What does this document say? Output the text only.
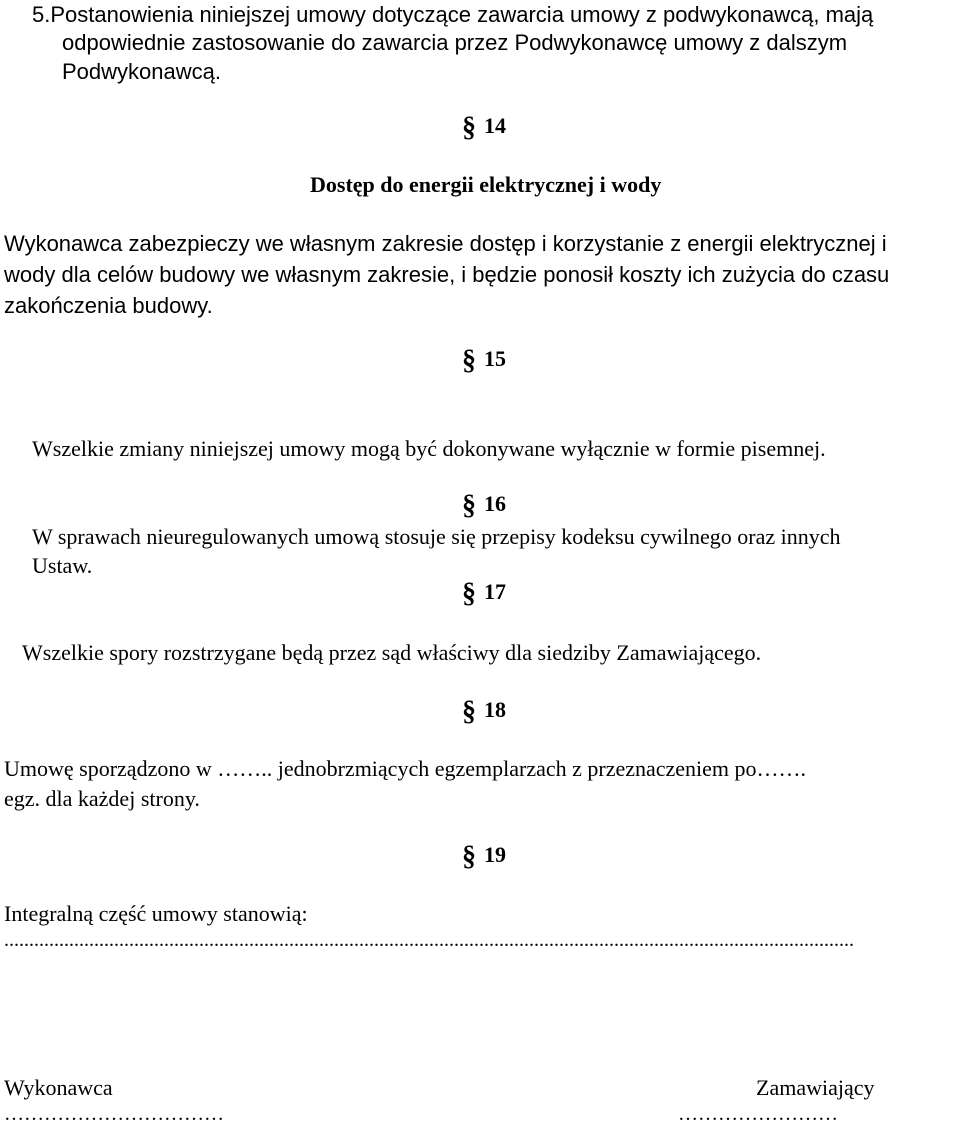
5.Postanowienia niniejszej umowy dotyczące zawarcia umowy z podwykonawcą, mają
odpowiednie zastosowanie do zawarcia przez Podwykonawcę umowy z dalszym
Podwykonawcą.
§ 14
Dostęp do energii elektrycznej i wody
Wykonawca zabezpieczy we własnym zakresie dostęp i korzystanie z energii elektrycznej i
wody dla celów budowy we własnym zakresie, i będzie ponosił koszty ich zużycia do czasu
zakończenia budowy.
§ 15
Wszelkie zmiany niniejszej umowy mogą być dokonywane wyłącznie w formie pisemnej.
§ 16
W sprawach nieuregulowanych umową stosuje się przepisy kodeksu cywilnego oraz innych
Ustaw.
§ 17
Wszelkie spory rozstrzygane będą przez sąd właściwy dla siedziby Zamawiającego.
§ 18
Umowę sporządzono w …….. jednobrzmiących egzemplarzach z przeznaczeniem po…….
egz. dla każdej strony.
§ 19
Integralną część umowy stanowią:
..........................................................................................................................................................................
Wykonawca	Zamawiający
……………………………	……………………
